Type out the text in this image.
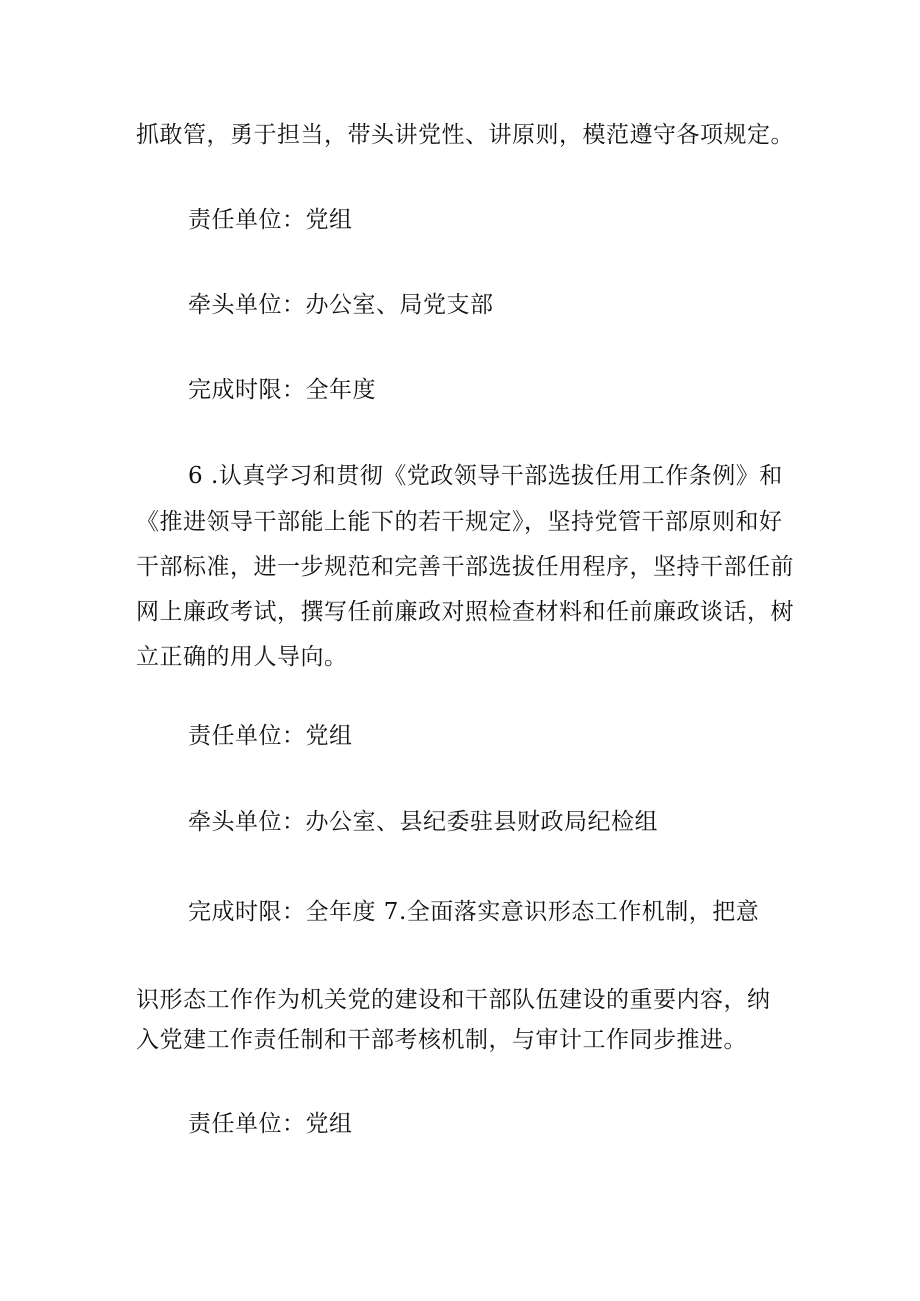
抓敢管，勇于担当，带头讲党性、讲原则，模范遵守各项规定。
责任单位：党组
牵头单位：办公室、局党支部
完成时限：全年度
6 .认真学习和贯彻《党政领导干部选拔任用工作条例》和
《推进领导干部能上能下的若干规定》，坚持党管干部原则和好
干部标准，进一步规范和完善干部选拔任用程序，坚持干部任前
网上廉政考试，撰写任前廉政对照检查材料和任前廉政谈话，树
立正确的用人导向。
责任单位：党组
牵头单位：办公室、县纪委驻县财政局纪检组
完成时限：全年度 7.全面落实意识形态工作机制，把意
识形态工作作为机关党的建设和干部队伍建设的重要内容，纳
入党建工作责任制和干部考核机制，与审计工作同步推进。
责任单位：党组
